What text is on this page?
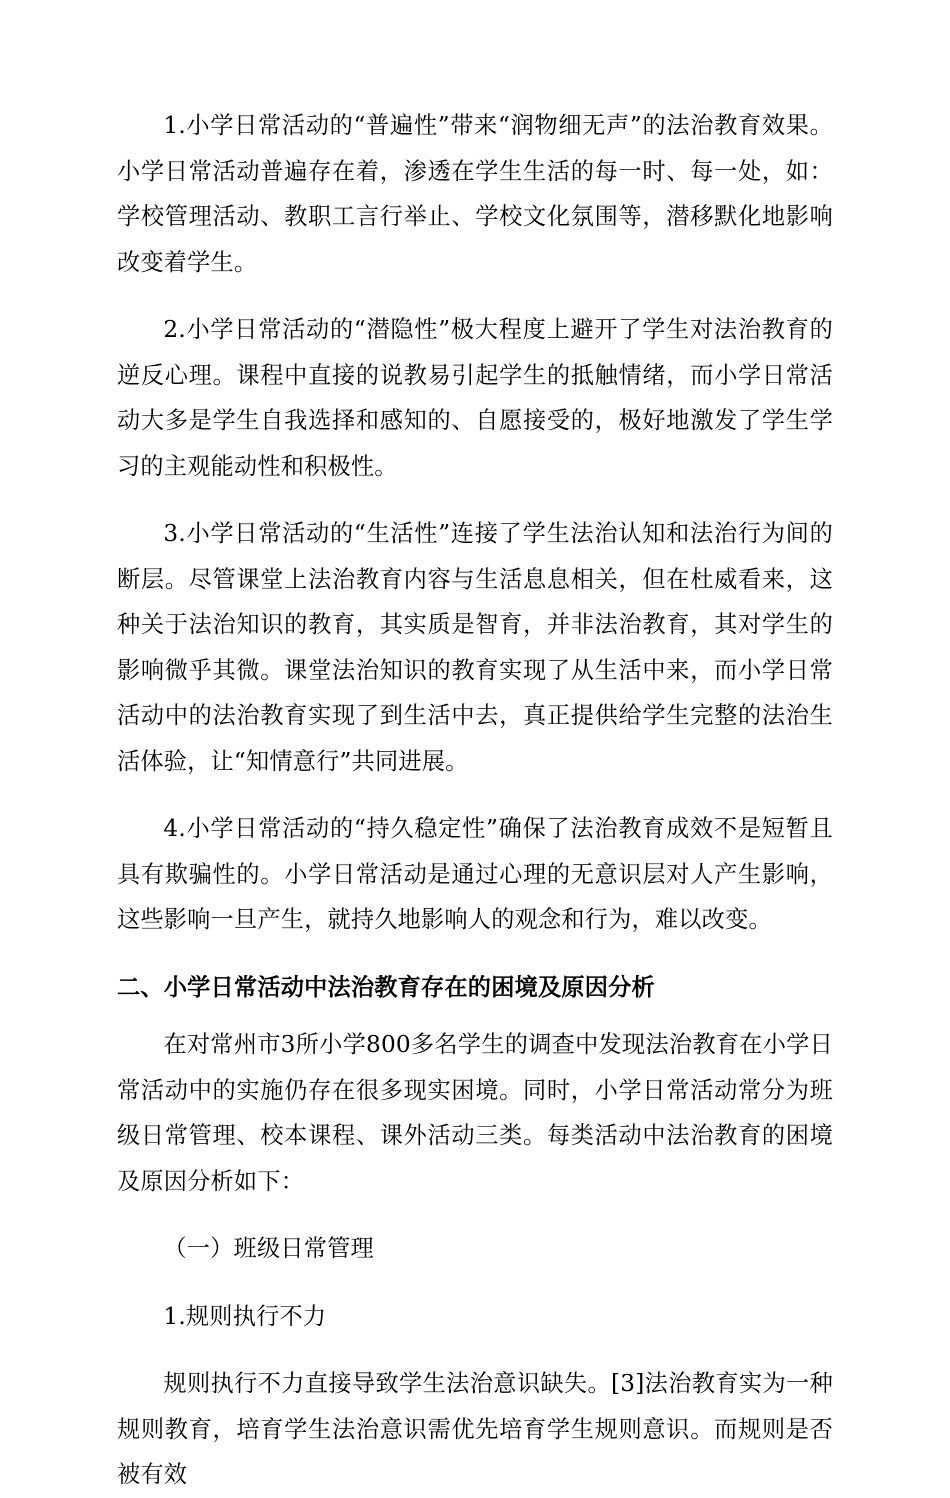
1.小学日常活动的“普遍性”带来“润物细无声”的法治教育效果。小学日常活动普遍存在着，渗透在学生生活的每一时、每一处，如：学校管理活动、教职工言行举止、学校文化氛围等，潜移默化地影响改变着学生。

2.小学日常活动的“潜隐性”极大程度上避开了学生对法治教育的逆反心理。课程中直接的说教易引起学生的抵触情绪，而小学日常活动大多是学生自我选择和感知的、自愿接受的，极好地激发了学生学习的主观能动性和积极性。

3.小学日常活动的“生活性”连接了学生法治认知和法治行为间的断层。尽管课堂上法治教育内容与生活息息相关，但在杜威看来，这种关于法治知识的教育，其实质是智育，并非法治教育，其对学生的影响微乎其微。课堂法治知识的教育实现了从生活中来，而小学日常活动中的法治教育实现了到生活中去，真正提供给学生完整的法治生活体验，让“知情意行”共同进展。

4.小学日常活动的“持久稳定性”确保了法治教育成效不是短暂且具有欺骗性的。小学日常活动是通过心理的无意识层对人产生影响，这些影响一旦产生，就持久地影响人的观念和行为，难以改变。

二、小学日常活动中法治教育存在的困境及原因分析

在对常州市3所小学800多名学生的调查中发现法治教育在小学日常活动中的实施仍存在很多现实困境。同时，小学日常活动常分为班级日常管理、校本课程、课外活动三类。每类活动中法治教育的困境及原因分析如下：

（一）班级日常管理

1.规则执行不力

规则执行不力直接导致学生法治意识缺失。[3]法治教育实为一种规则教育，培育学生法治意识需优先培育学生规则意识。而规则是否被有效
